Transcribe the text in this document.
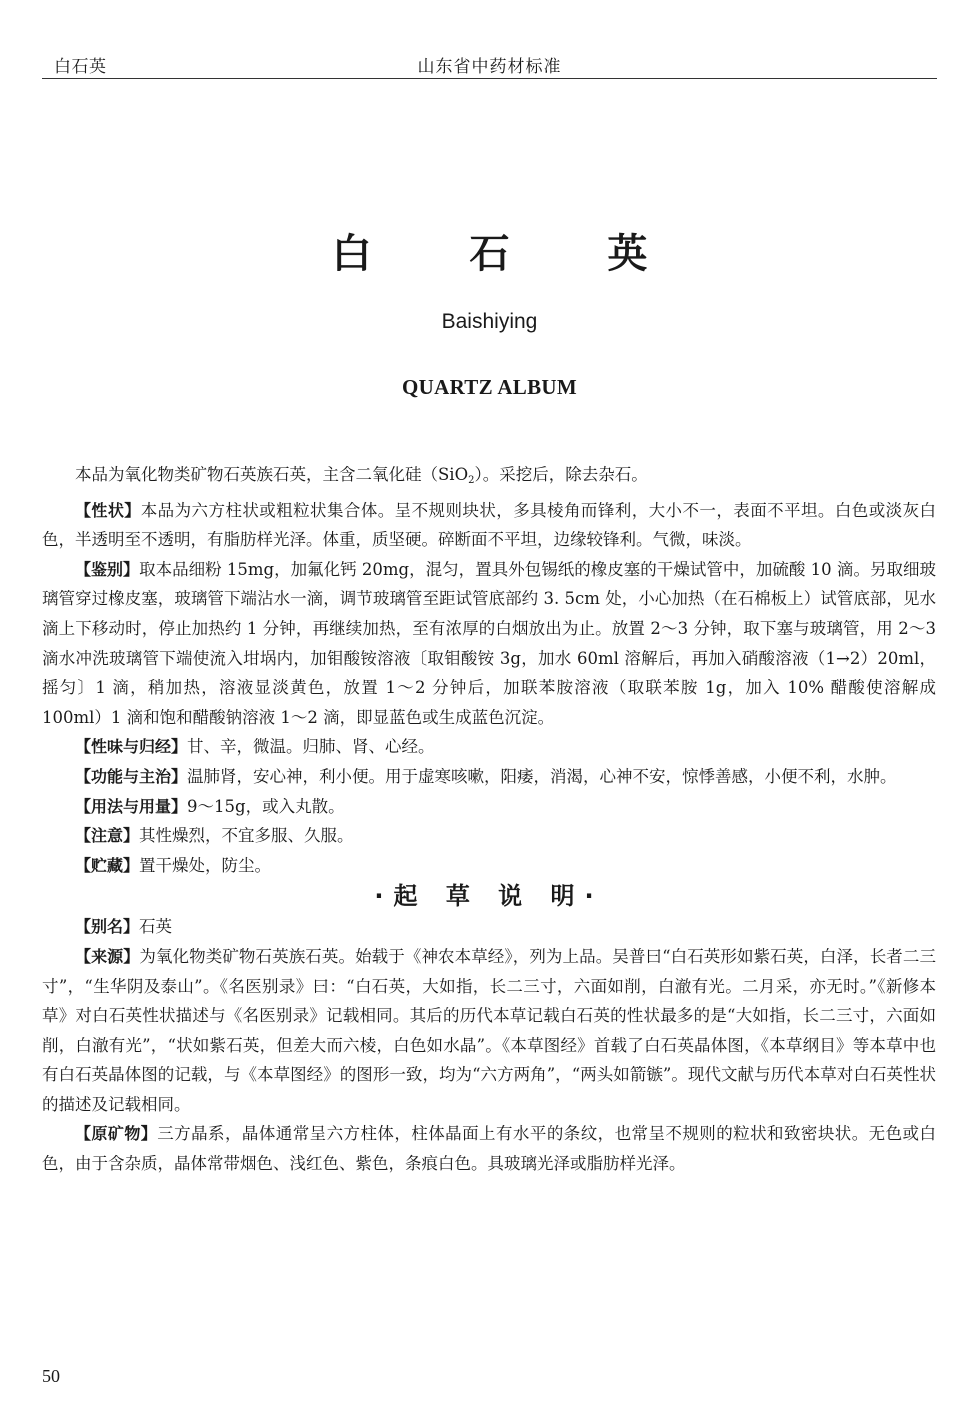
白石英	山东省中药材标准
白 石 英
Baishiying
QUARTZ ALBUM

本品为氧化物类矿物石英族石英，主含二氧化硅（SiO$_2$）。采挖后，除去杂石。

【性状】本品为六方柱状或粗粒状集合体。呈不规则块状，多具棱角而锋利，大小不一，表面不平坦。白色或淡灰白色，半透明至不透明，有脂肪样光泽。体重，质坚硬。碎断面不平坦，边缘较锋利。气微，味淡。

【鉴别】取本品细粉 15mg，加氟化钙 20mg，混匀，置具外包锡纸的橡皮塞的干燥试管中，加硫酸 10 滴。另取细玻璃管穿过橡皮塞，玻璃管下端沾水一滴，调节玻璃管至距试管底部约 3. 5cm 处，小心加热（在石棉板上）试管底部，见水滴上下移动时，停止加热约 1 分钟，再继续加热，至有浓厚的白烟放出为止。放置 2～3 分钟，取下塞与玻璃管，用 2～3 滴水冲洗玻璃管下端使流入坩埚内，加钼酸铵溶液〔取钼酸铵 3g，加水 60ml 溶解后，再加入硝酸溶液（1→2）20ml，摇匀〕1 滴，稍加热，溶液显淡黄色，放置 1～2 分钟后，加联苯胺溶液（取联苯胺 1g，加入 10% 醋酸使溶解成 100ml）1 滴和饱和醋酸钠溶液 1～2 滴，即显蓝色或生成蓝色沉淀。

【性味与归经】甘、辛，微温。归肺、肾、心经。

【功能与主治】温肺肾，安心神，利小便。用于虚寒咳嗽，阳痿，消渴，心神不安，惊悸善感，小便不利，水肿。

【用法与用量】9～15g，或入丸散。

【注意】其性燥烈，不宜多服、久服。

【贮藏】置干燥处，防尘。

·起 草 说 明·

【别名】石英

【来源】为氧化物类矿物石英族石英。始载于《神农本草经》，列为上品。吴普曰“白石英形如紫石英，白泽，长者二三寸”，“生华阴及泰山”。《名医别录》曰：“白石英，大如指，长二三寸，六面如削，白澈有光。二月采，亦无时。”《新修本草》对白石英性状描述与《名医别录》记载相同。其后的历代本草记载白石英的性状最多的是“大如指，长二三寸，六面如削，白澈有光”，“状如紫石英，但差大而六棱，白色如水晶”。《本草图经》首载了白石英晶体图，《本草纲目》等本草中也有白石英晶体图的记载，与《本草图经》的图形一致，均为“六方两角”，“两头如箭镞”。现代文献与历代本草对白石英性状的描述及记载相同。

【原矿物】三方晶系，晶体通常呈六方柱体，柱体晶面上有水平的条纹，也常呈不规则的粒状和致密块状。无色或白色，由于含杂质，晶体常带烟色、浅红色、紫色，条痕白色。具玻璃光泽或脂肪样光泽。

50
